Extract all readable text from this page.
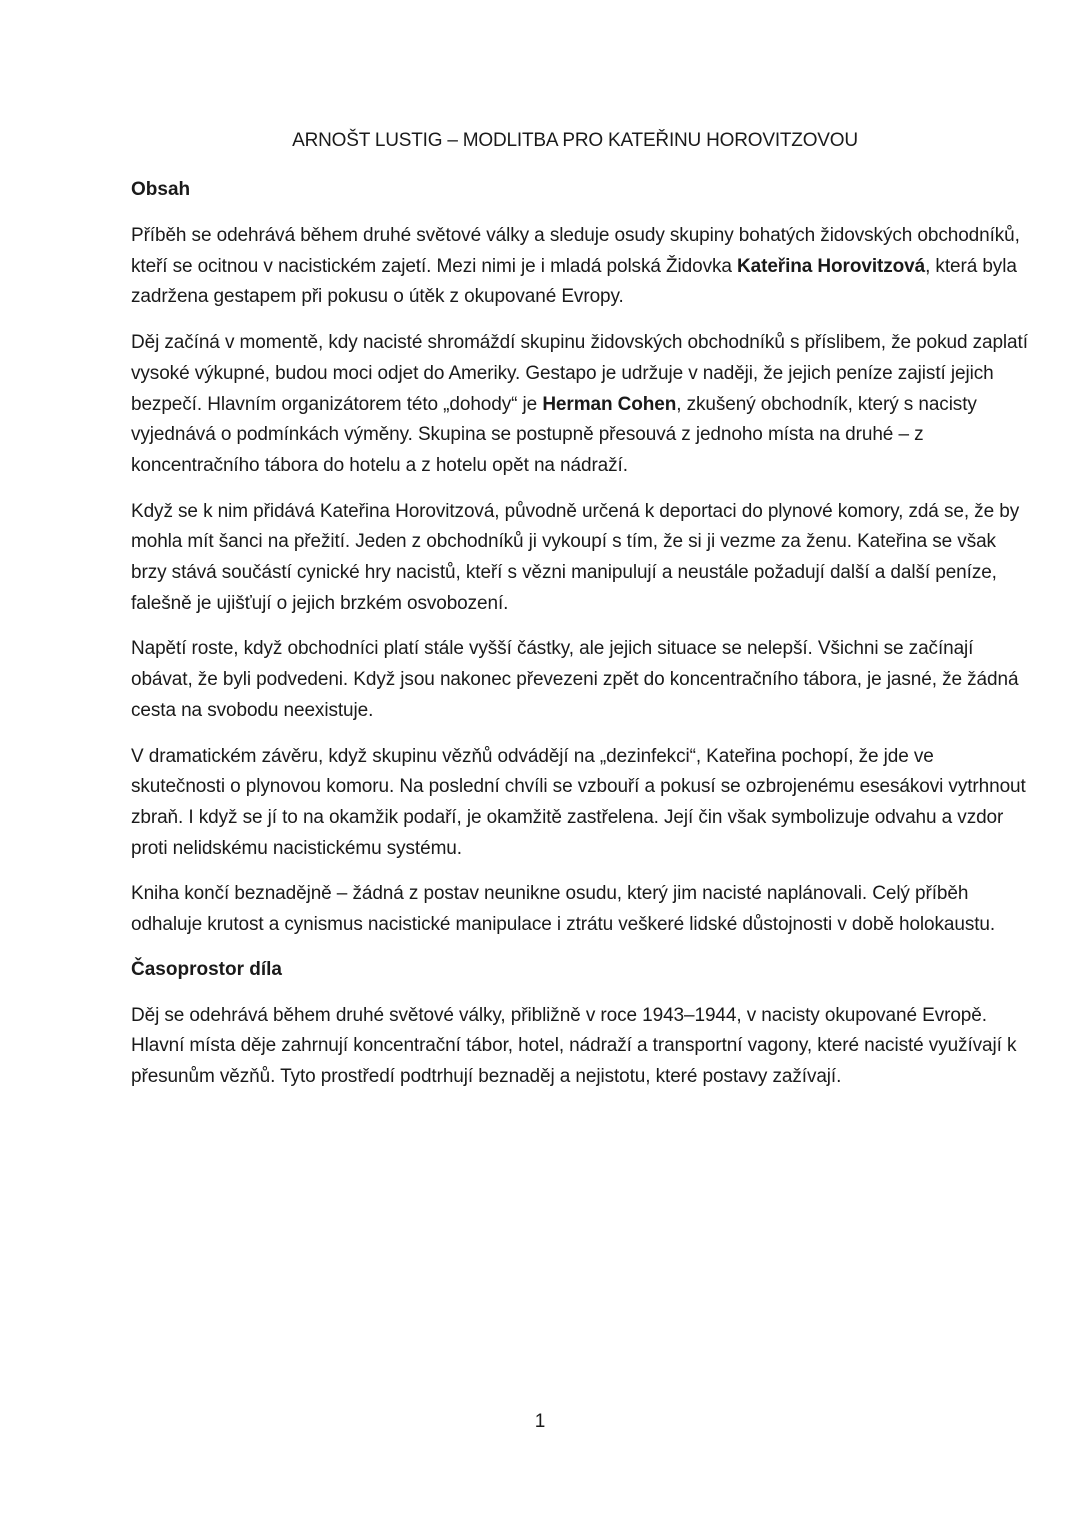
ARNOŠT LUSTIG – MODLITBA PRO KATEŘINU HOROVITZOVOU
Obsah

Příběh se odehrává během druhé světové války a sleduje osudy skupiny bohatých židovských obchodníků, kteří se ocitnou v nacistickém zajetí. Mezi nimi je i mladá polská Židovka Kateřina Horovitzová, která byla zadržena gestapem při pokusu o útěk z okupované Evropy.

Děj začíná v momentě, kdy nacisté shromáždí skupinu židovských obchodníků s příslibem, že pokud zaplatí vysoké výkupné, budou moci odjet do Ameriky. Gestapo je udržuje v naději, že jejich peníze zajistí jejich bezpečí. Hlavním organizátorem této „dohody“ je Herman Cohen, zkušený obchodník, který s nacisty vyjednává o podmínkách výměny. Skupina se postupně přesouvá z jednoho místa na druhé – z koncentračního tábora do hotelu a z hotelu opět na nádraží.

Když se k nim přidává Kateřina Horovitzová, původně určená k deportaci do plynové komory, zdá se, že by mohla mít šanci na přežití. Jeden z obchodníků ji vykoupí s tím, že si ji vezme za ženu. Kateřina se však brzy stává součástí cynické hry nacistů, kteří s vězni manipulují a neustále požadují další a další peníze, falešně je ujišťují o jejich brzkém osvobození.

Napětí roste, když obchodníci platí stále vyšší částky, ale jejich situace se nelepší. Všichni se začínají obávat, že byli podvedeni. Když jsou nakonec převezeni zpět do koncentračního tábora, je jasné, že žádná cesta na svobodu neexistuje.

V dramatickém závěru, když skupinu vězňů odvádějí na „dezinfekci“, Kateřina pochopí, že jde ve skutečnosti o plynovou komoru. Na poslední chvíli se vzbouří a pokusí se ozbrojenému esesákovi vytrhnout zbraň. I když se jí to na okamžik podaří, je okamžitě zastřelena. Její čin však symbolizuje odvahu a vzdor proti nelidskému nacistickému systému.

Kniha končí beznadějně – žádná z postav neunikne osudu, který jim nacisté naplánovali. Celý příběh odhaluje krutost a cynismus nacistické manipulace i ztrátu veškeré lidské důstojnosti v době holokaustu.

Časoprostor díla

Děj se odehrává během druhé světové války, přibližně v roce 1943–1944, v nacisty okupované Evropě. Hlavní místa děje zahrnují koncentrační tábor, hotel, nádraží a transportní vagony, které nacisté využívají k přesunům vězňů. Tyto prostředí podtrhují beznaděj a nejistotu, které postavy zažívají.

1
